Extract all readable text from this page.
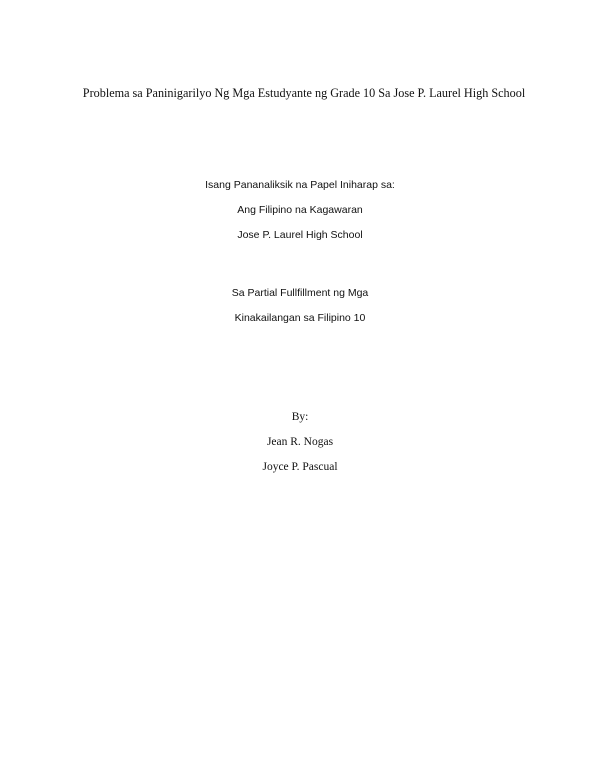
Problema sa Paninigarilyo Ng Mga Estudyante ng Grade 10 Sa Jose P. Laurel High School
Isang Pananaliksik na Papel Iniharap sa:
Ang Filipino na Kagawaran
Jose P. Laurel High School
Sa Partial Fullfillment ng Mga
Kinakailangan sa Filipino 10
By:
Jean R. Nogas
Joyce P. Pascual
